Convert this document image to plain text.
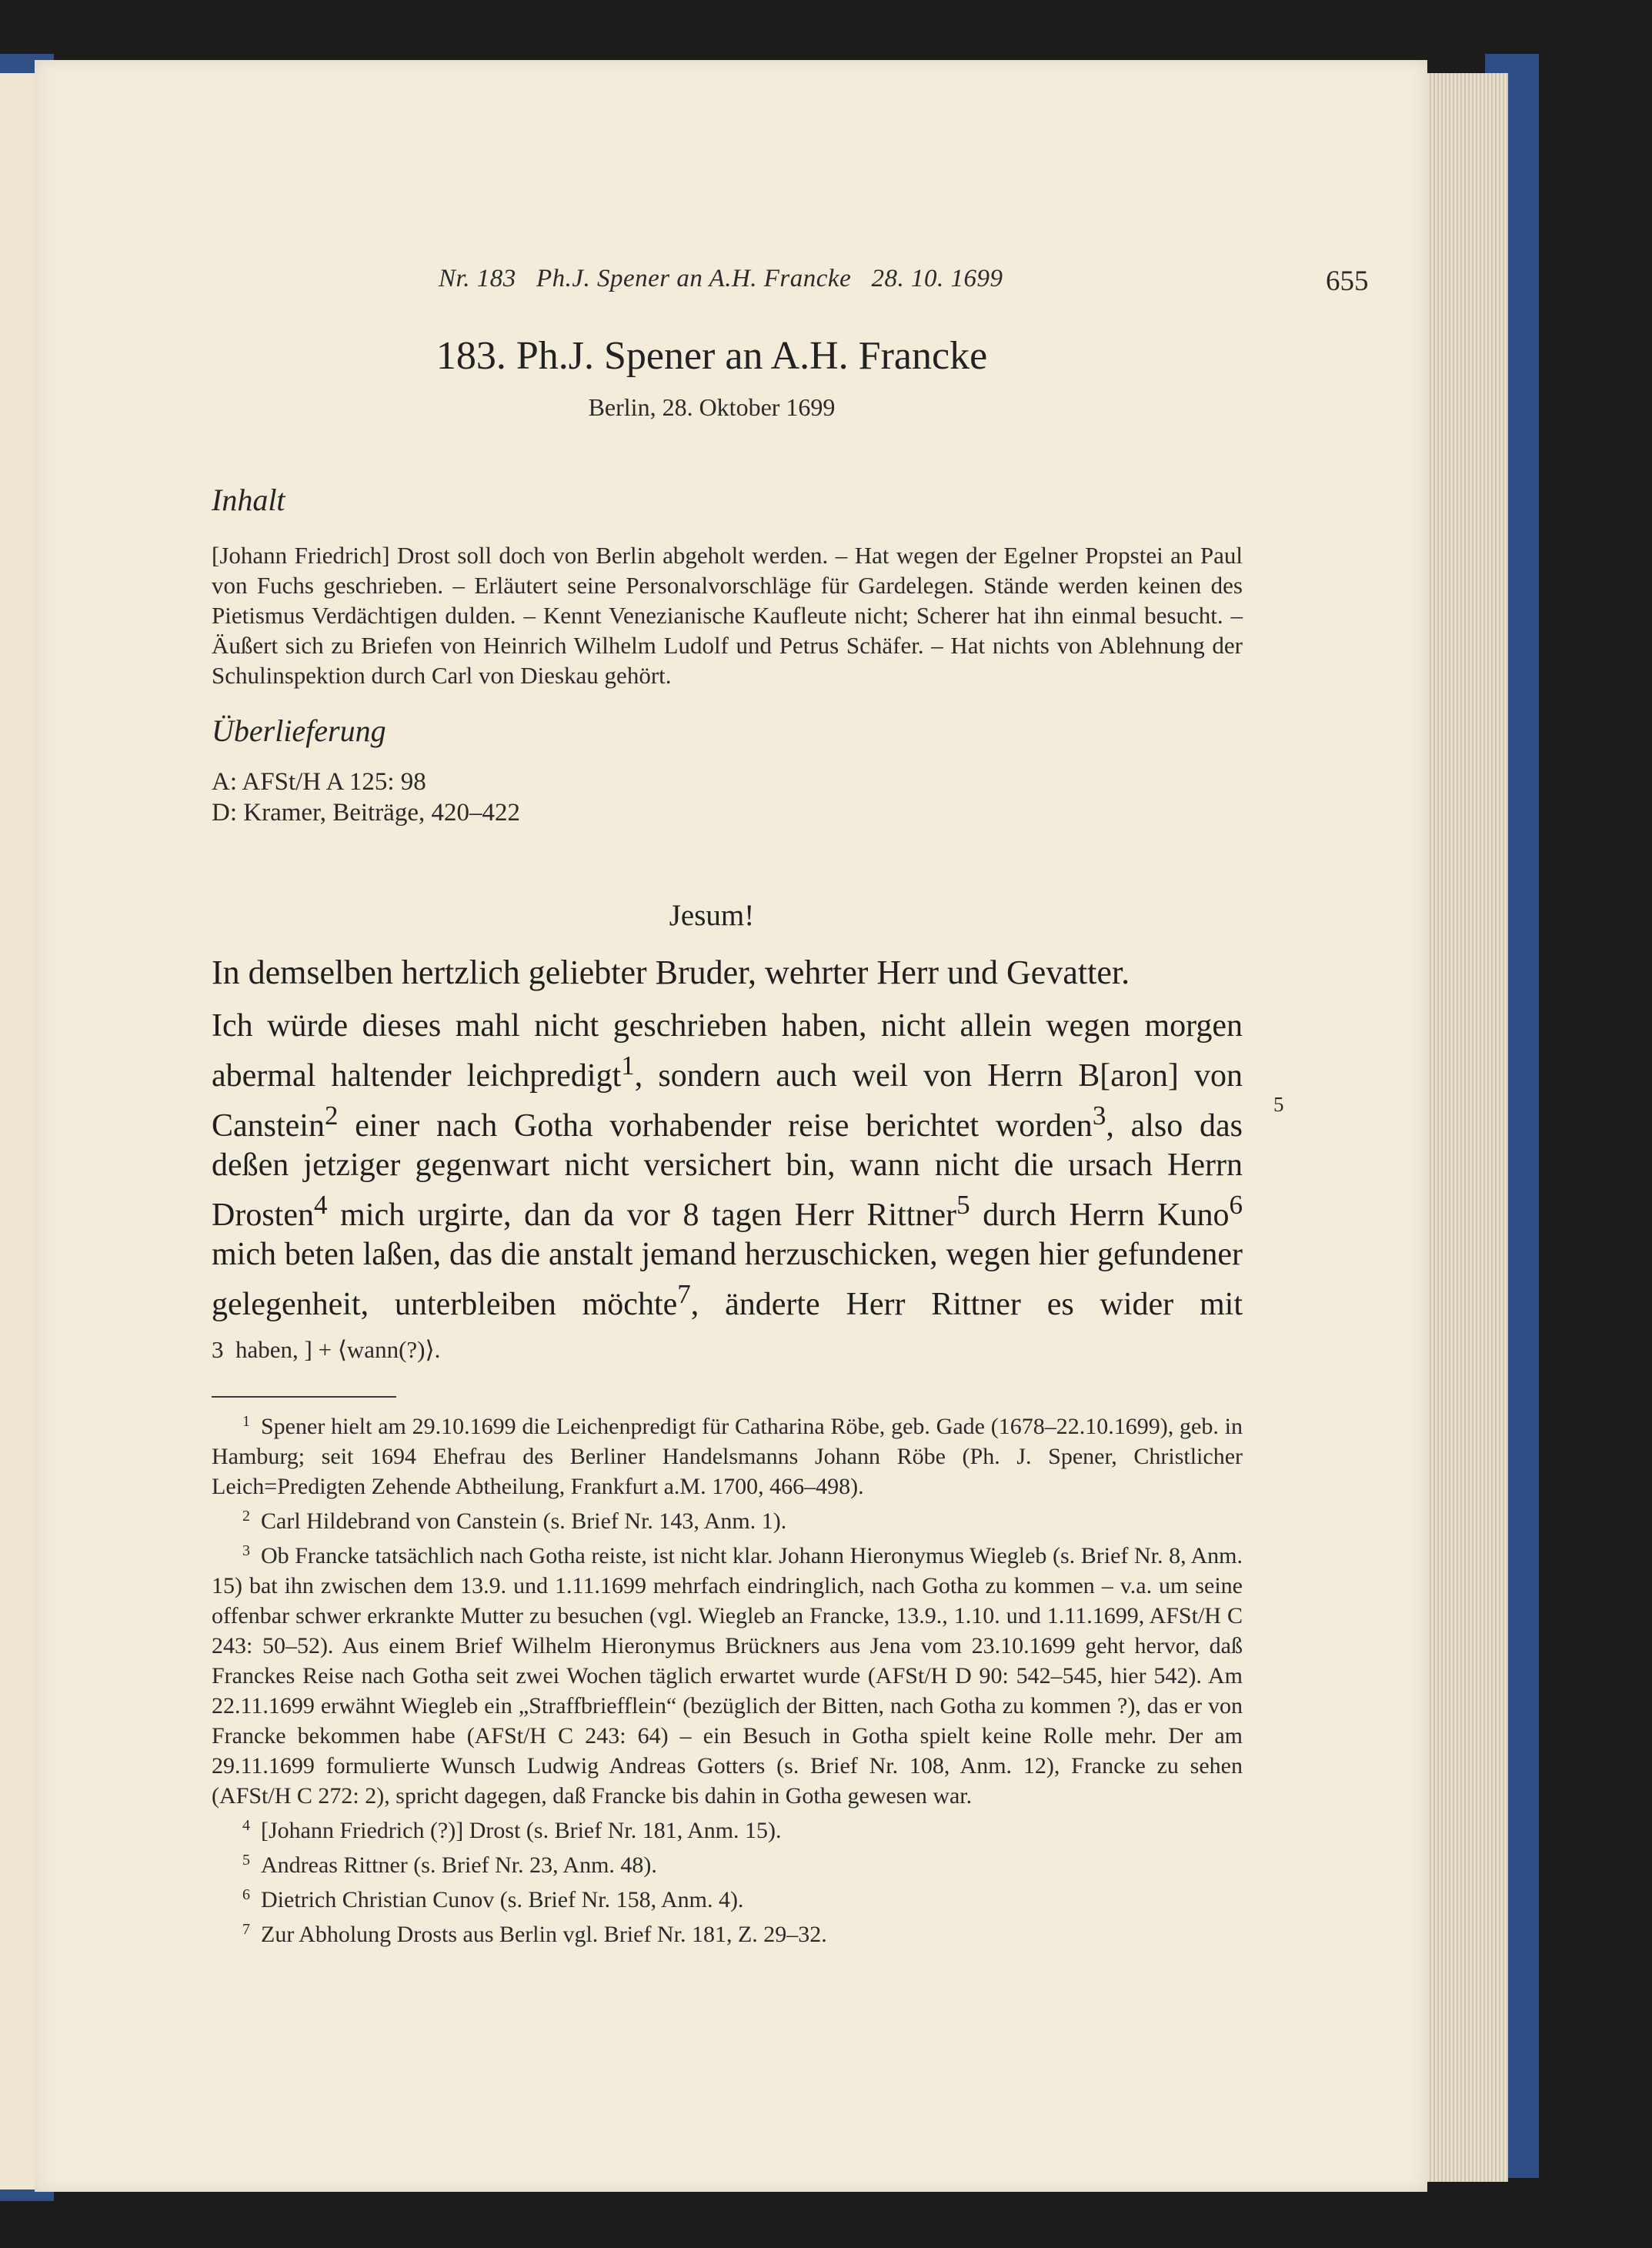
Nr. 183   Ph.J. Spener an A.H. Francke   28. 10. 1699	655
183. Ph.J. Spener an A.H. Francke
Berlin, 28. Oktober 1699
Inhalt
[Johann Friedrich] Drost soll doch von Berlin abgeholt werden. – Hat wegen der Egelner Propstei an Paul von Fuchs geschrieben. – Erläutert seine Personalvorschläge für Gardelegen. Stände werden keinen des Pietismus Verdächtigen dulden. – Kennt Venezianische Kaufleute nicht; Scherer hat ihn einmal besucht. – Äußert sich zu Briefen von Heinrich Wilhelm Ludolf und Petrus Schäfer. – Hat nichts von Ablehnung der Schulinspektion durch Carl von Dieskau gehört.
Überlieferung
A: AFSt/H A 125: 98
D: Kramer, Beiträge, 420–422
Jesum!
In demselben hertzlich geliebter Bruder, wehrter Herr und Gevatter.
Ich würde dieses mahl nicht geschrieben haben, nicht allein wegen morgen abermal haltender leichpredigt$^1$, sondern auch weil von Herrn B[aron] von Canstein$^2$ einer nach Gotha vorhabender reise berichtet worden$^3$, also das deßen jetziger gegenwart nicht versichert bin, wann nicht die ursach Herrn Drosten$^4$ mich urgirte, dan da vor 8 tagen Herr Rittner$^5$ durch Herrn Kuno$^6$ mich beten laßen, das die anstalt jemand herzuschicken, wegen hier gefundener gelegenheit, unterbleiben möchte$^7$, änderte Herr Rittner es wider mit
5
3  haben, ] + ⟨wann(?)⟩.
1 Spener hielt am 29.10.1699 die Leichenpredigt für Catharina Röbe, geb. Gade (1678–22.10.1699), geb. in Hamburg; seit 1694 Ehefrau des Berliner Handelsmanns Johann Röbe (Ph. J. Spener, Christlicher Leich=Predigten Zehende Abtheilung, Frankfurt a.M. 1700, 466–498).
2 Carl Hildebrand von Canstein (s. Brief Nr. 143, Anm. 1).
3 Ob Francke tatsächlich nach Gotha reiste, ist nicht klar. Johann Hieronymus Wiegleb (s. Brief Nr. 8, Anm. 15) bat ihn zwischen dem 13.9. und 1.11.1699 mehrfach eindringlich, nach Gotha zu kommen – v.a. um seine offenbar schwer erkrankte Mutter zu besuchen (vgl. Wiegleb an Francke, 13.9., 1.10. und 1.11.1699, AFSt/H C 243: 50–52). Aus einem Brief Wilhelm Hieronymus Brückners aus Jena vom 23.10.1699 geht hervor, daß Franckes Reise nach Gotha seit zwei Wochen täglich erwartet wurde (AFSt/H D 90: 542–545, hier 542). Am 22.11.1699 erwähnt Wiegleb ein „Straffbriefflein“ (bezüglich der Bitten, nach Gotha zu kommen ?), das er von Francke bekommen habe (AFSt/H C 243: 64) – ein Besuch in Gotha spielt keine Rolle mehr. Der am 29.11.1699 formulierte Wunsch Ludwig Andreas Gotters (s. Brief Nr. 108, Anm. 12), Francke zu sehen (AFSt/H C 272: 2), spricht dagegen, daß Francke bis dahin in Gotha gewesen war.
4 [Johann Friedrich (?)] Drost (s. Brief Nr. 181, Anm. 15).
5 Andreas Rittner (s. Brief Nr. 23, Anm. 48).
6 Dietrich Christian Cunov (s. Brief Nr. 158, Anm. 4).
7 Zur Abholung Drosts aus Berlin vgl. Brief Nr. 181, Z. 29–32.
